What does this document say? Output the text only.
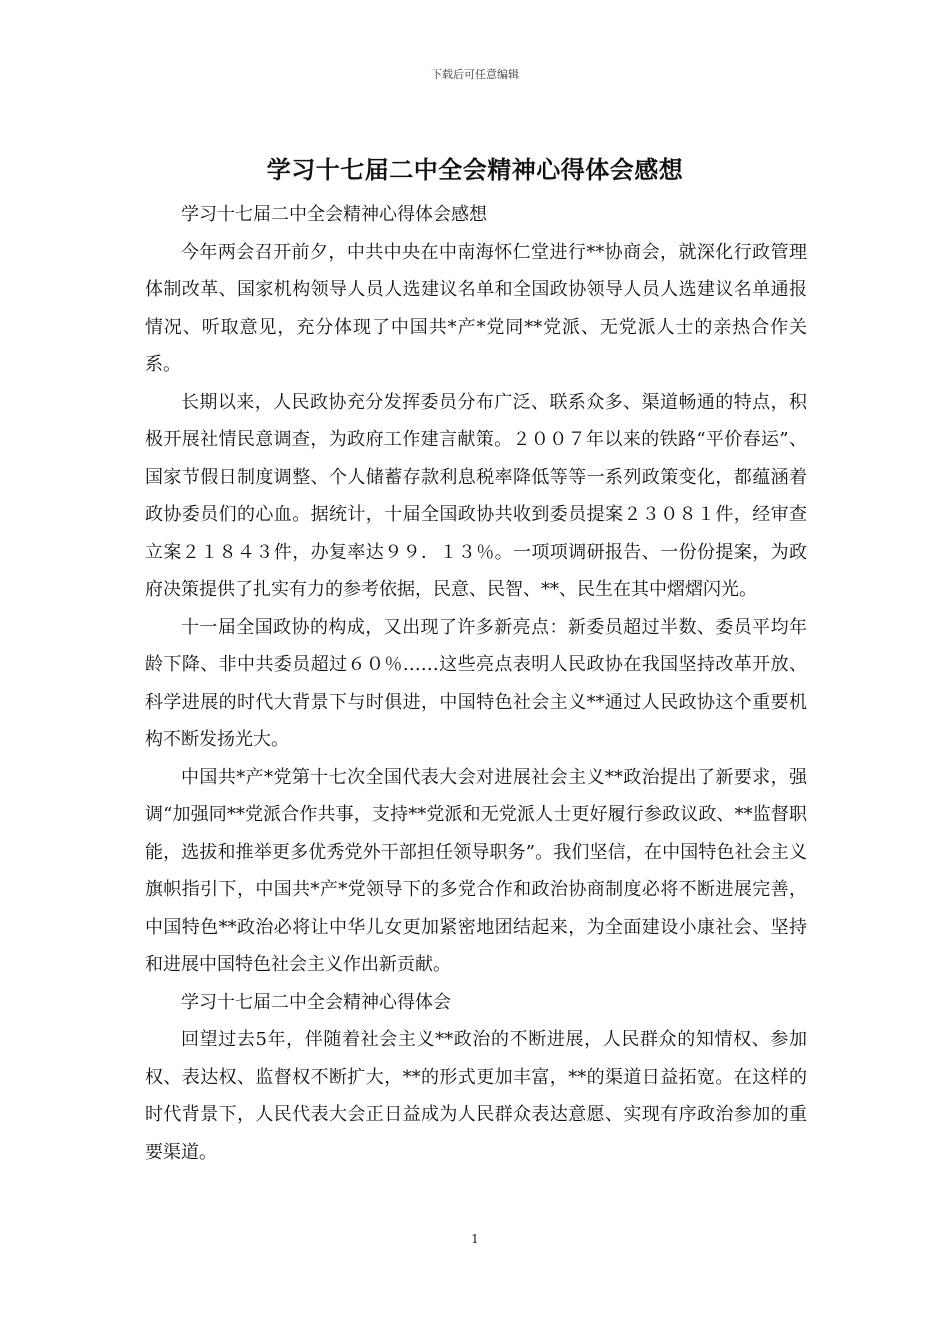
下载后可任意编辑
学习十七届二中全会精神心得体会感想

学习十七届二中全会精神心得体会感想

今年两会召开前夕，中共中央在中南海怀仁堂进行**协商会，就深化行政管理体制改革、国家机构领导人员人选建议名单和全国政协领导人员人选建议名单通报情况、听取意见，充分体现了中国共*产*党同**党派、无党派人士的亲热合作关系。

长期以来，人民政协充分发挥委员分布广泛、联系众多、渠道畅通的特点，积极开展社情民意调查，为政府工作建言献策。２００７年以来的铁路“平价春运”、国家节假日制度调整、个人储蓄存款利息税率降低等等一系列政策变化，都蕴涵着政协委员们的心血。据统计，十届全国政协共收到委员提案２３０８１件，经审查立案２１８４３件，办复率达９９．１３％。一项项调研报告、一份份提案，为政府决策提供了扎实有力的参考依据，民意、民智、**、民生在其中熠熠闪光。

十一届全国政协的构成，又出现了许多新亮点：新委员超过半数、委员平均年龄下降、非中共委员超过６０％……这些亮点表明人民政协在我国坚持改革开放、科学进展的时代大背景下与时俱进，中国特色社会主义**通过人民政协这个重要机构不断发扬光大。

中国共*产*党第十七次全国代表大会对进展社会主义**政治提出了新要求，强调“加强同**党派合作共事，支持**党派和无党派人士更好履行参政议政、**监督职能，选拔和推举更多优秀党外干部担任领导职务”。我们坚信，在中国特色社会主义旗帜指引下，中国共*产*党领导下的多党合作和政治协商制度必将不断进展完善，中国特色**政治必将让中华儿女更加紧密地团结起来，为全面建设小康社会、坚持和进展中国特色社会主义作出新贡献。

学习十七届二中全会精神心得体会

回望过去5年，伴随着社会主义**政治的不断进展，人民群众的知情权、参加权、表达权、监督权不断扩大，**的形式更加丰富，**的渠道日益拓宽。在这样的时代背景下，人民代表大会正日益成为人民群众表达意愿、实现有序政治参加的重要渠道。

1
